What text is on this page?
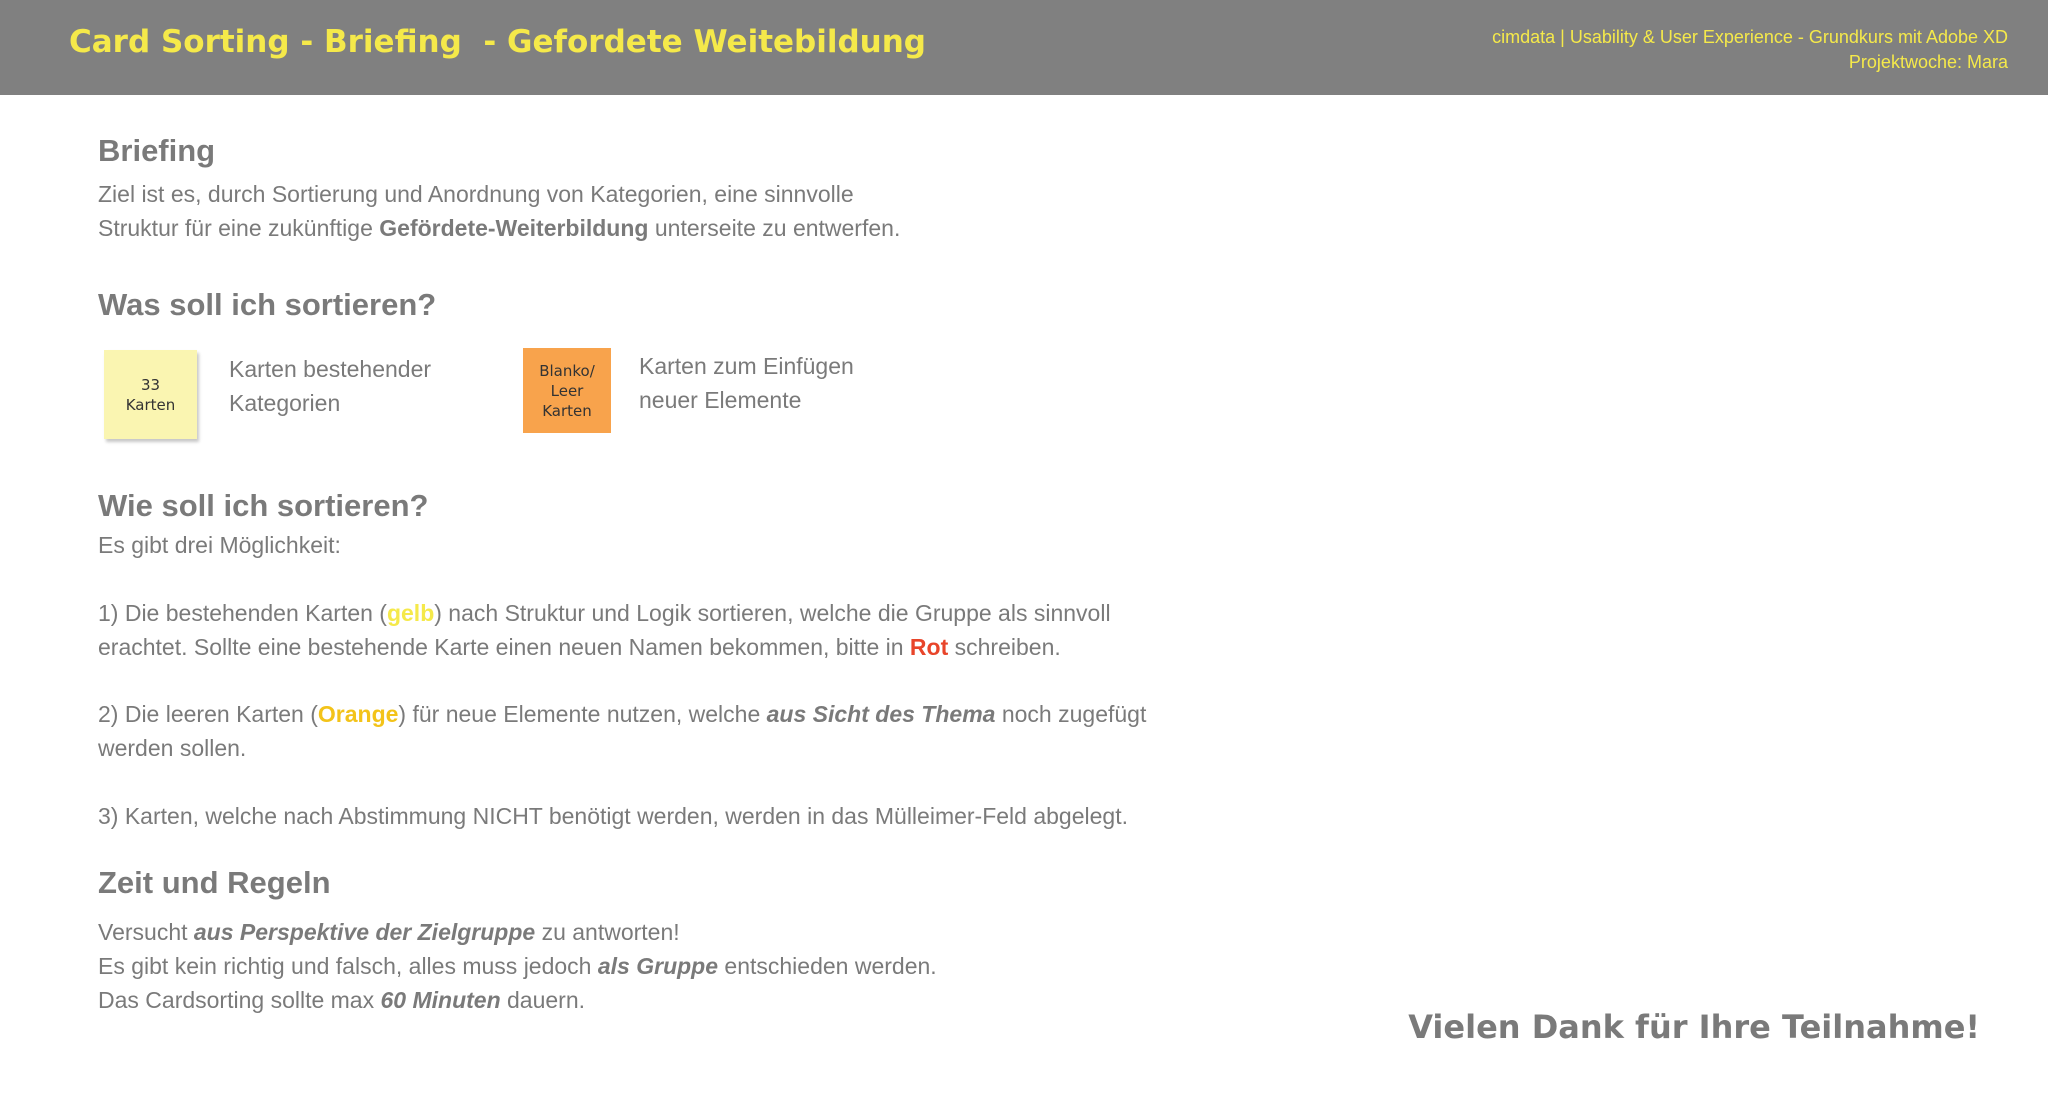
Card Sorting - Briefing  - Gefordete Weitebildung	cimdata | Usability & User Experience - Grundkurs mit Adobe XD
Projektwoche: Mara
Briefing
Ziel ist es, durch Sortierung und Anordnung von Kategorien, eine sinnvolle
Struktur für eine zukünftige Gefördete-Weiterbildung unterseite zu entwerfen.
Was soll ich sortieren?
33
Karten
Karten bestehender
Kategorien
Blanko/
Leer
Karten
Karten zum Einfügen
neuer Elemente
Wie soll ich sortieren?
Es gibt drei Möglichkeit:
1) Die bestehenden Karten (gelb) nach Struktur und Logik sortieren, welche die Gruppe als sinnvoll
erachtet. Sollte eine bestehende Karte einen neuen Namen bekommen, bitte in Rot schreiben.
2) Die leeren Karten (Orange) für neue Elemente nutzen, welche aus Sicht des Thema noch zugefügt
werden sollen.
3) Karten, welche nach Abstimmung NICHT benötigt werden, werden in das Mülleimer-Feld abgelegt.
Zeit und Regeln
Versucht aus Perspektive der Zielgruppe zu antworten!
Es gibt kein richtig und falsch, alles muss jedoch als Gruppe entschieden werden.
Das Cardsorting sollte max 60 Minuten dauern.
Vielen Dank für Ihre Teilnahme!
